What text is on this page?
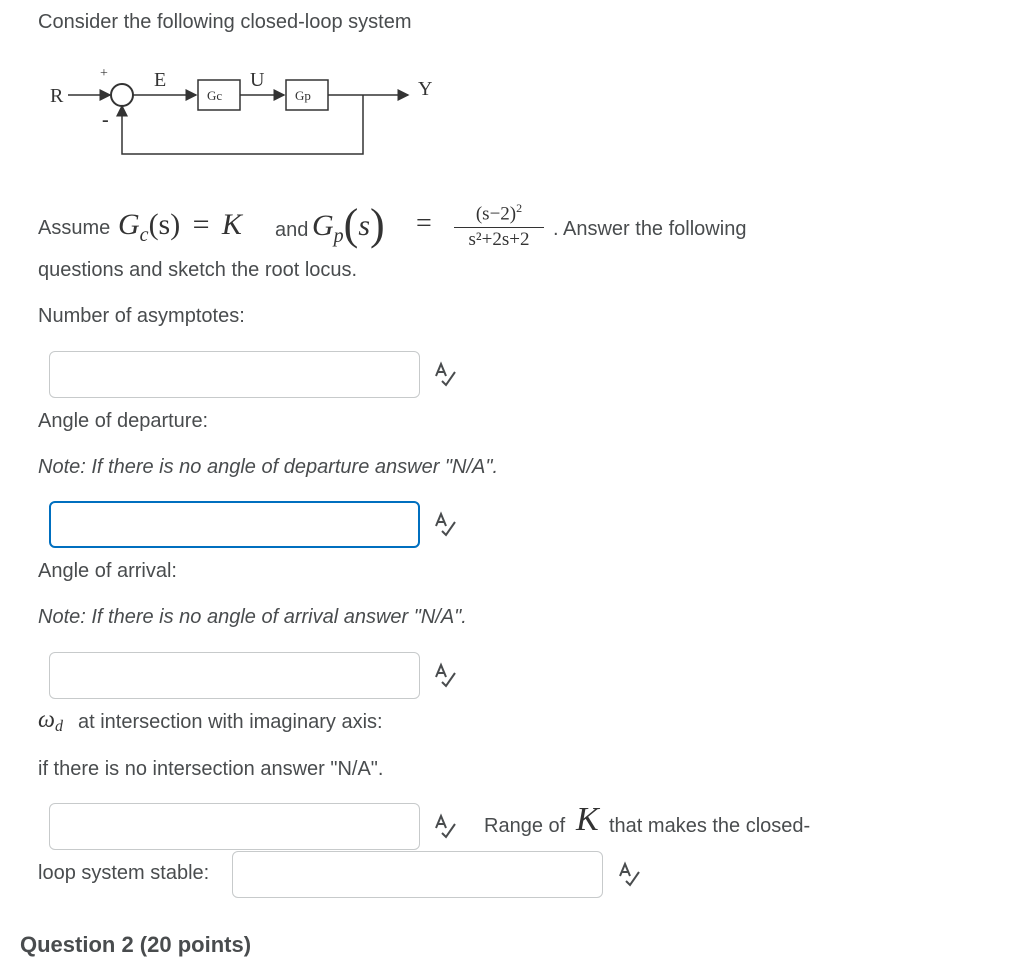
Consider the following closed-loop system
R
+
-
E
Gc
U
Gp	Y
Assume $G_c(s) = K$ and $G_p(s)$ =	$(s-2)^2$
s²+2s+2	. Answer the following
questions and sketch the root locus.
Number of asymptotes:
Angle of departure:
Note: If there is no angle of departure answer "N/A".
Angle of arrival:
Note: If there is no angle of arrival answer "N/A".
$\omega_d$ at intersection with imaginary axis:
if there is no intersection answer "N/A".
Range of K that makes the closed-
loop system stable:
Question 2 (20 points)
